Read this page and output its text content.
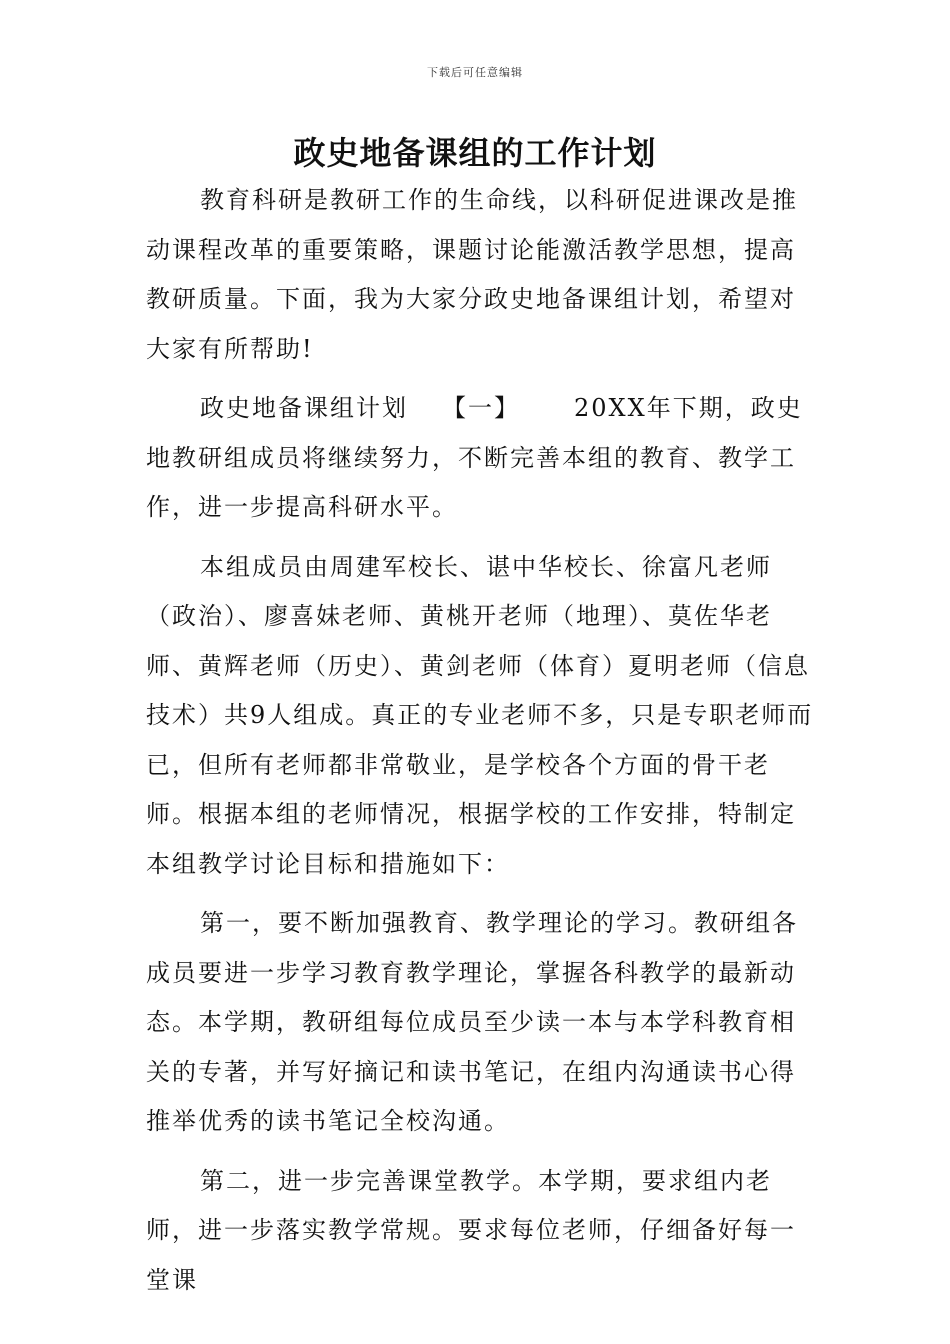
下载后可任意编辑
政史地备课组的工作计划

教育科研是教研工作的生命线，以科研促进课改是推动课程改革的重要策略，课题讨论能激活教学思想，提高教研质量。下面，我为大家分政史地备课组计划，希望对大家有所帮助!

政史地备课组计划 【一】 20XX年下期，政史地教研组成员将继续努力，不断完善本组的教育、教学工作，进一步提高科研水平。

本组成员由周建军校长、谌中华校长、徐富凡老师（政治）、廖喜妹老师、黄桃开老师（地理）、莫佐华老师、黄辉老师（历史）、黄剑老师（体育）夏明老师（信息技术）共9人组成。真正的专业老师不多，只是专职老师而已，但所有老师都非常敬业，是学校各个方面的骨干老师。根据本组的老师情况，根据学校的工作安排，特制定本组教学讨论目标和措施如下：

第一，要不断加强教育、教学理论的学习。教研组各成员要进一步学习教育教学理论，掌握各科教学的最新动态。本学期，教研组每位成员至少读一本与本学科教育相关的专著，并写好摘记和读书笔记，在组内沟通读书心得推举优秀的读书笔记全校沟通。

第二，进一步完善课堂教学。本学期，要求组内老师，进一步落实教学常规。要求每位老师，仔细备好每一堂课
